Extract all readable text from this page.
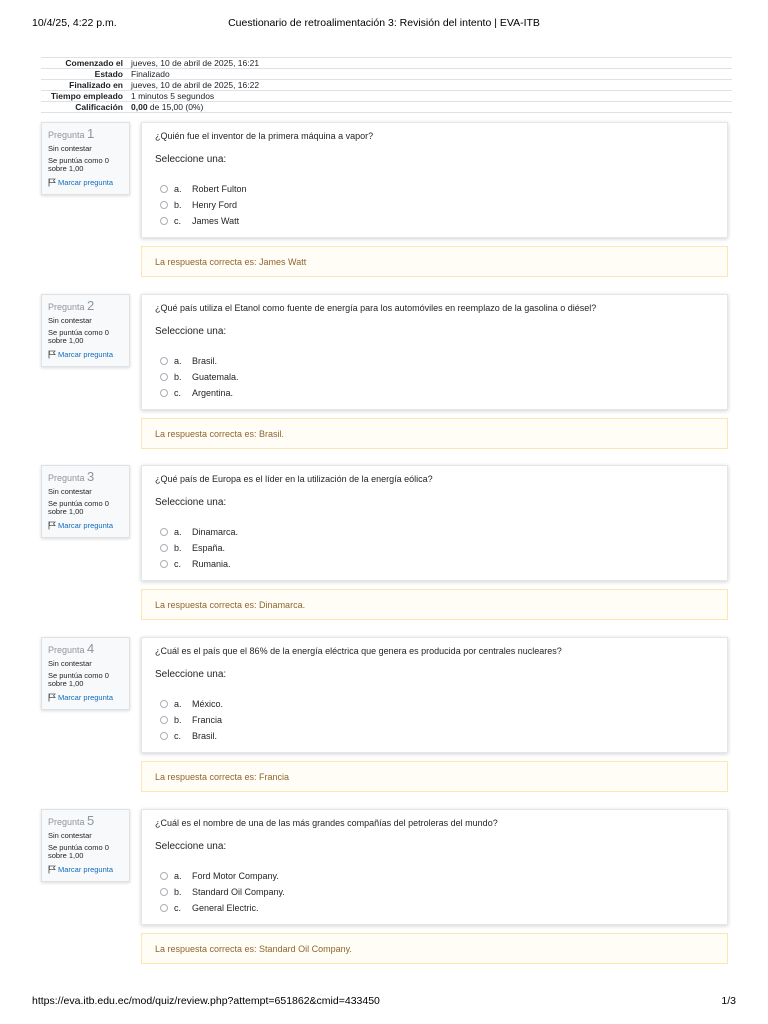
10/4/25, 4:22 p.m.	Cuestionario de retroalimentación 3: Revisión del intento | EVA-ITB
Comenzado el	jueves, 10 de abril de 2025, 16:21
Estado	Finalizado
Finalizado en	jueves, 10 de abril de 2025, 16:22
Tiempo empleado	1 minutos 5 segundos
Calificación	0,00 de 15,00 (0%)
Pregunta 1
Sin contestar
Se puntúa como 0 sobre 1,00
Marcar pregunta
¿Quién fue el inventor de la primera máquina a vapor?
Seleccione una:
a.	Robert Fulton
b.	Henry Ford
c.	James Watt
La respuesta correcta es: James Watt
Pregunta 2
Sin contestar
Se puntúa como 0 sobre 1,00
Marcar pregunta
¿Qué país utiliza el Etanol como fuente de energía para los automóviles en reemplazo de la gasolina o diésel?
Seleccione una:
a.	Brasil.
b.	Guatemala.
c.	Argentina.
La respuesta correcta es: Brasil.
Pregunta 3
Sin contestar
Se puntúa como 0 sobre 1,00
Marcar pregunta
¿Qué país de Europa es el líder en la utilización de la energía eólica?
Seleccione una:
a.	Dinamarca.
b.	España.
c.	Rumania.
La respuesta correcta es: Dinamarca.
Pregunta 4
Sin contestar
Se puntúa como 0 sobre 1,00
Marcar pregunta
¿Cuál es el país que el 86% de la energía eléctrica que genera es producida por centrales nucleares?
Seleccione una:
a.	México.
b.	Francia
c.	Brasil.
La respuesta correcta es: Francia
Pregunta 5
Sin contestar
Se puntúa como 0 sobre 1,00
Marcar pregunta
¿Cuál es el nombre de una de las más grandes compañías del petroleras del mundo?
Seleccione una:
a.	Ford Motor Company.
b.	Standard Oil Company.
c.	General Electric.
La respuesta correcta es: Standard Oil Company.
https://eva.itb.edu.ec/mod/quiz/review.php?attempt=651862&cmid=433450	1/3
